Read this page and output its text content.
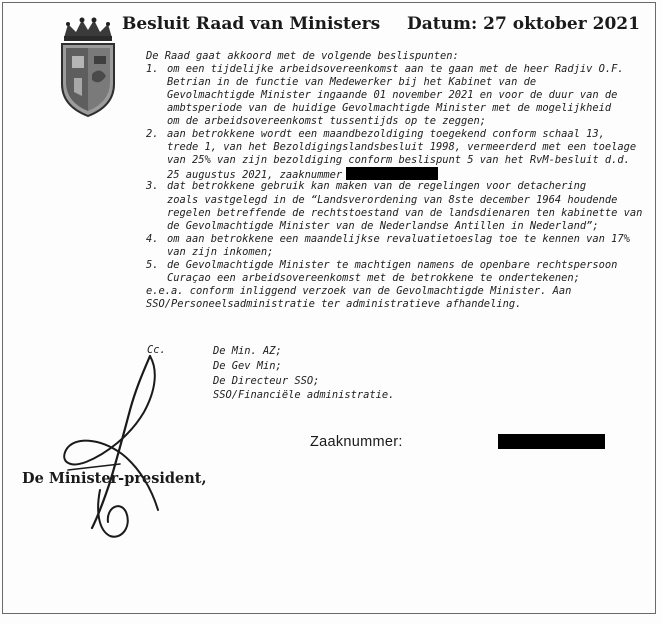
Besluit Raad van Ministers Datum: 27 oktober 2021
De Raad gaat akkoord met de volgende beslispunten:
1. om een tijdelijke arbeidsovereenkomst aan te gaan met de heer Radjiv O.F.
Betrian in de functie van Medewerker bij het Kabinet van de
Gevolmachtigde Minister ingaande 01 november 2021 en voor de duur van de
ambtsperiode van de huidige Gevolmachtigde Minister met de mogelijkheid
om de arbeidsovereenkomst tussentijds op te zeggen;
2. aan betrokkene wordt een maandbezoldiging toegekend conform schaal 13,
trede 1, van het Bezoldigingslandsbesluit 1998, vermeerderd met een toelage
van 25% van zijn bezoldiging conform beslispunt 5 van het RvM-besluit d.d.
25 augustus 2021, zaaknummer
3. dat betrokkene gebruik kan maken van de regelingen voor detachering
zoals vastgelegd in de “Landsverordening van 8ste december 1964 houdende
regelen betreffende de rechtstoestand van de landsdienaren ten kabinette van
de Gevolmachtigde Minister van de Nederlandse Antillen in Nederland”;
4. om aan betrokkene een maandelijkse revaluatietoeslag toe te kennen van 17%
van zijn inkomen;
5. de Gevolmachtigde Minister te machtigen namens de openbare rechtspersoon
Curaçao een arbeidsovereenkomst met de betrokkene te ondertekenen;
e.e.a. conform inliggend verzoek van de Gevolmachtigde Minister. Aan
SSO/Personeelsadministratie ter administratieve afhandeling.
Cc.	De Min. AZ;
De Gev Min;
De Directeur SSO;
SSO/Financiële administratie.
Zaaknummer:
De Minister-president,
